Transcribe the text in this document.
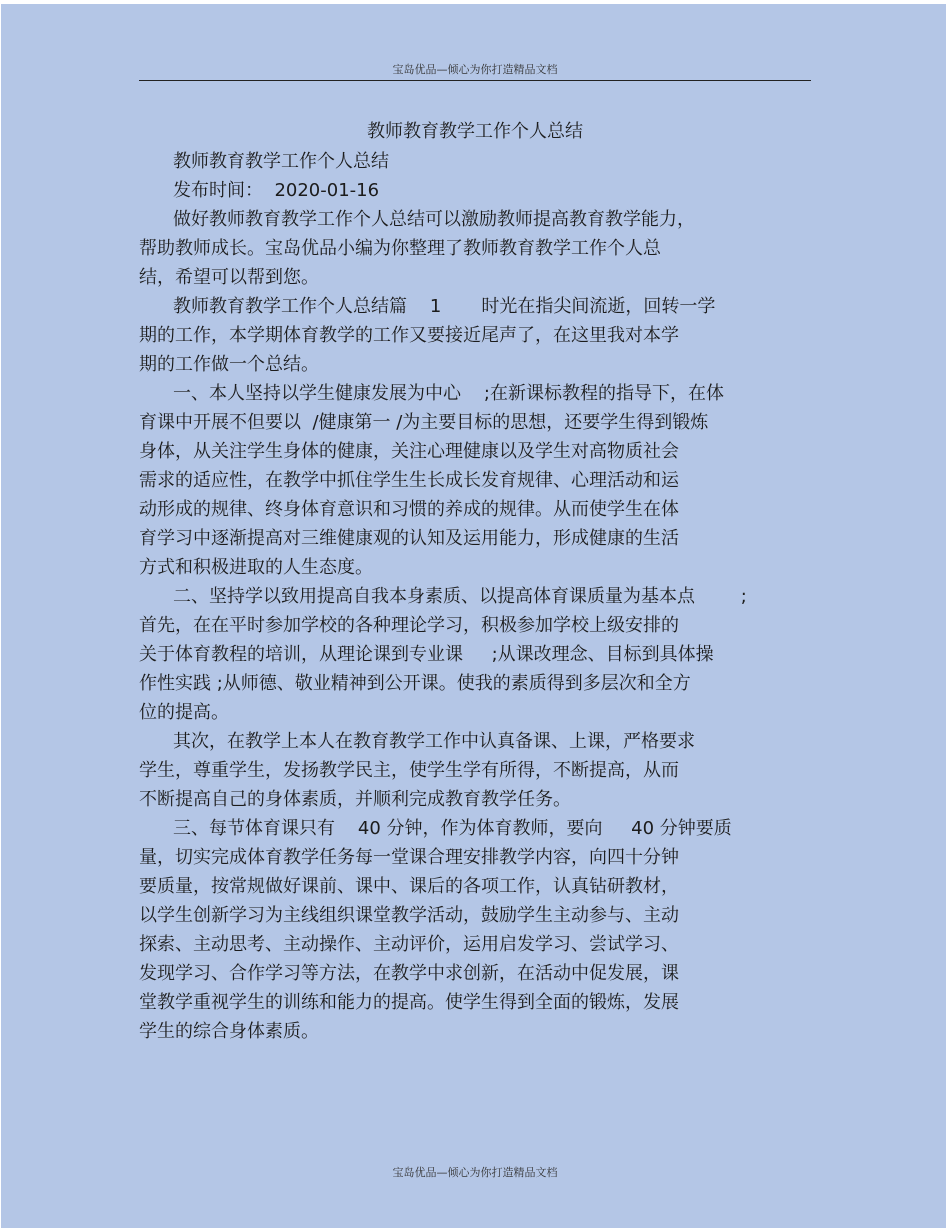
宝岛优品—倾心为你打造精品文档
教师教育教学工作个人总结
教师教育教学工作个人总结
发布时间：  2020-01-16
做好教师教育教学工作个人总结可以激励教师提高教育教学能力，
帮助教师成长。宝岛优品小编为你整理了教师教育教学工作个人总
结，希望可以帮到您。
教师教育教学工作个人总结篇    1       时光在指尖间流逝，回转一学
期的工作，本学期体育教学的工作又要接近尾声了，在这里我对本学
期的工作做一个总结。
一、本人坚持以学生健康发展为中心    ;在新课标教程的指导下，在体
育课中开展不但要以  /健康第一 /为主要目标的思想，还要学生得到锻炼
身体，从关注学生身体的健康，关注心理健康以及学生对高物质社会
需求的适应性，在教学中抓住学生生长成长发育规律、心理活动和运
动形成的规律、终身体育意识和习惯的养成的规律。从而使学生在体
育学习中逐渐提高对三维健康观的认知及运用能力，形成健康的生活
方式和积极进取的人生态度。
二、坚持学以致用提高自我本身素质、以提高体育课质量为基本点        ;
首先，在在平时参加学校的各种理论学习，积极参加学校上级安排的
关于体育教程的培训，从理论课到专业课     ;从课改理念、目标到具体操
作性实践 ;从师德、敬业精神到公开课。使我的素质得到多层次和全方
位的提高。
其次，在教学上本人在教育教学工作中认真备课、上课，严格要求
学生，尊重学生，发扬教学民主，使学生学有所得，不断提高，从而
不断提高自己的身体素质，并顺利完成教育教学任务。
三、每节体育课只有    40 分钟，作为体育教师，要向     40 分钟要质
量，切实完成体育教学任务每一堂课合理安排教学内容，向四十分钟
要质量，按常规做好课前、课中、课后的各项工作，认真钻研教材，
以学生创新学习为主线组织课堂教学活动，鼓励学生主动参与、主动
探索、主动思考、主动操作、主动评价，运用启发学习、尝试学习、
发现学习、合作学习等方法，在教学中求创新，在活动中促发展，课
堂教学重视学生的训练和能力的提高。使学生得到全面的锻炼，发展
学生的综合身体素质。
宝岛优品—倾心为你打造精品文档
